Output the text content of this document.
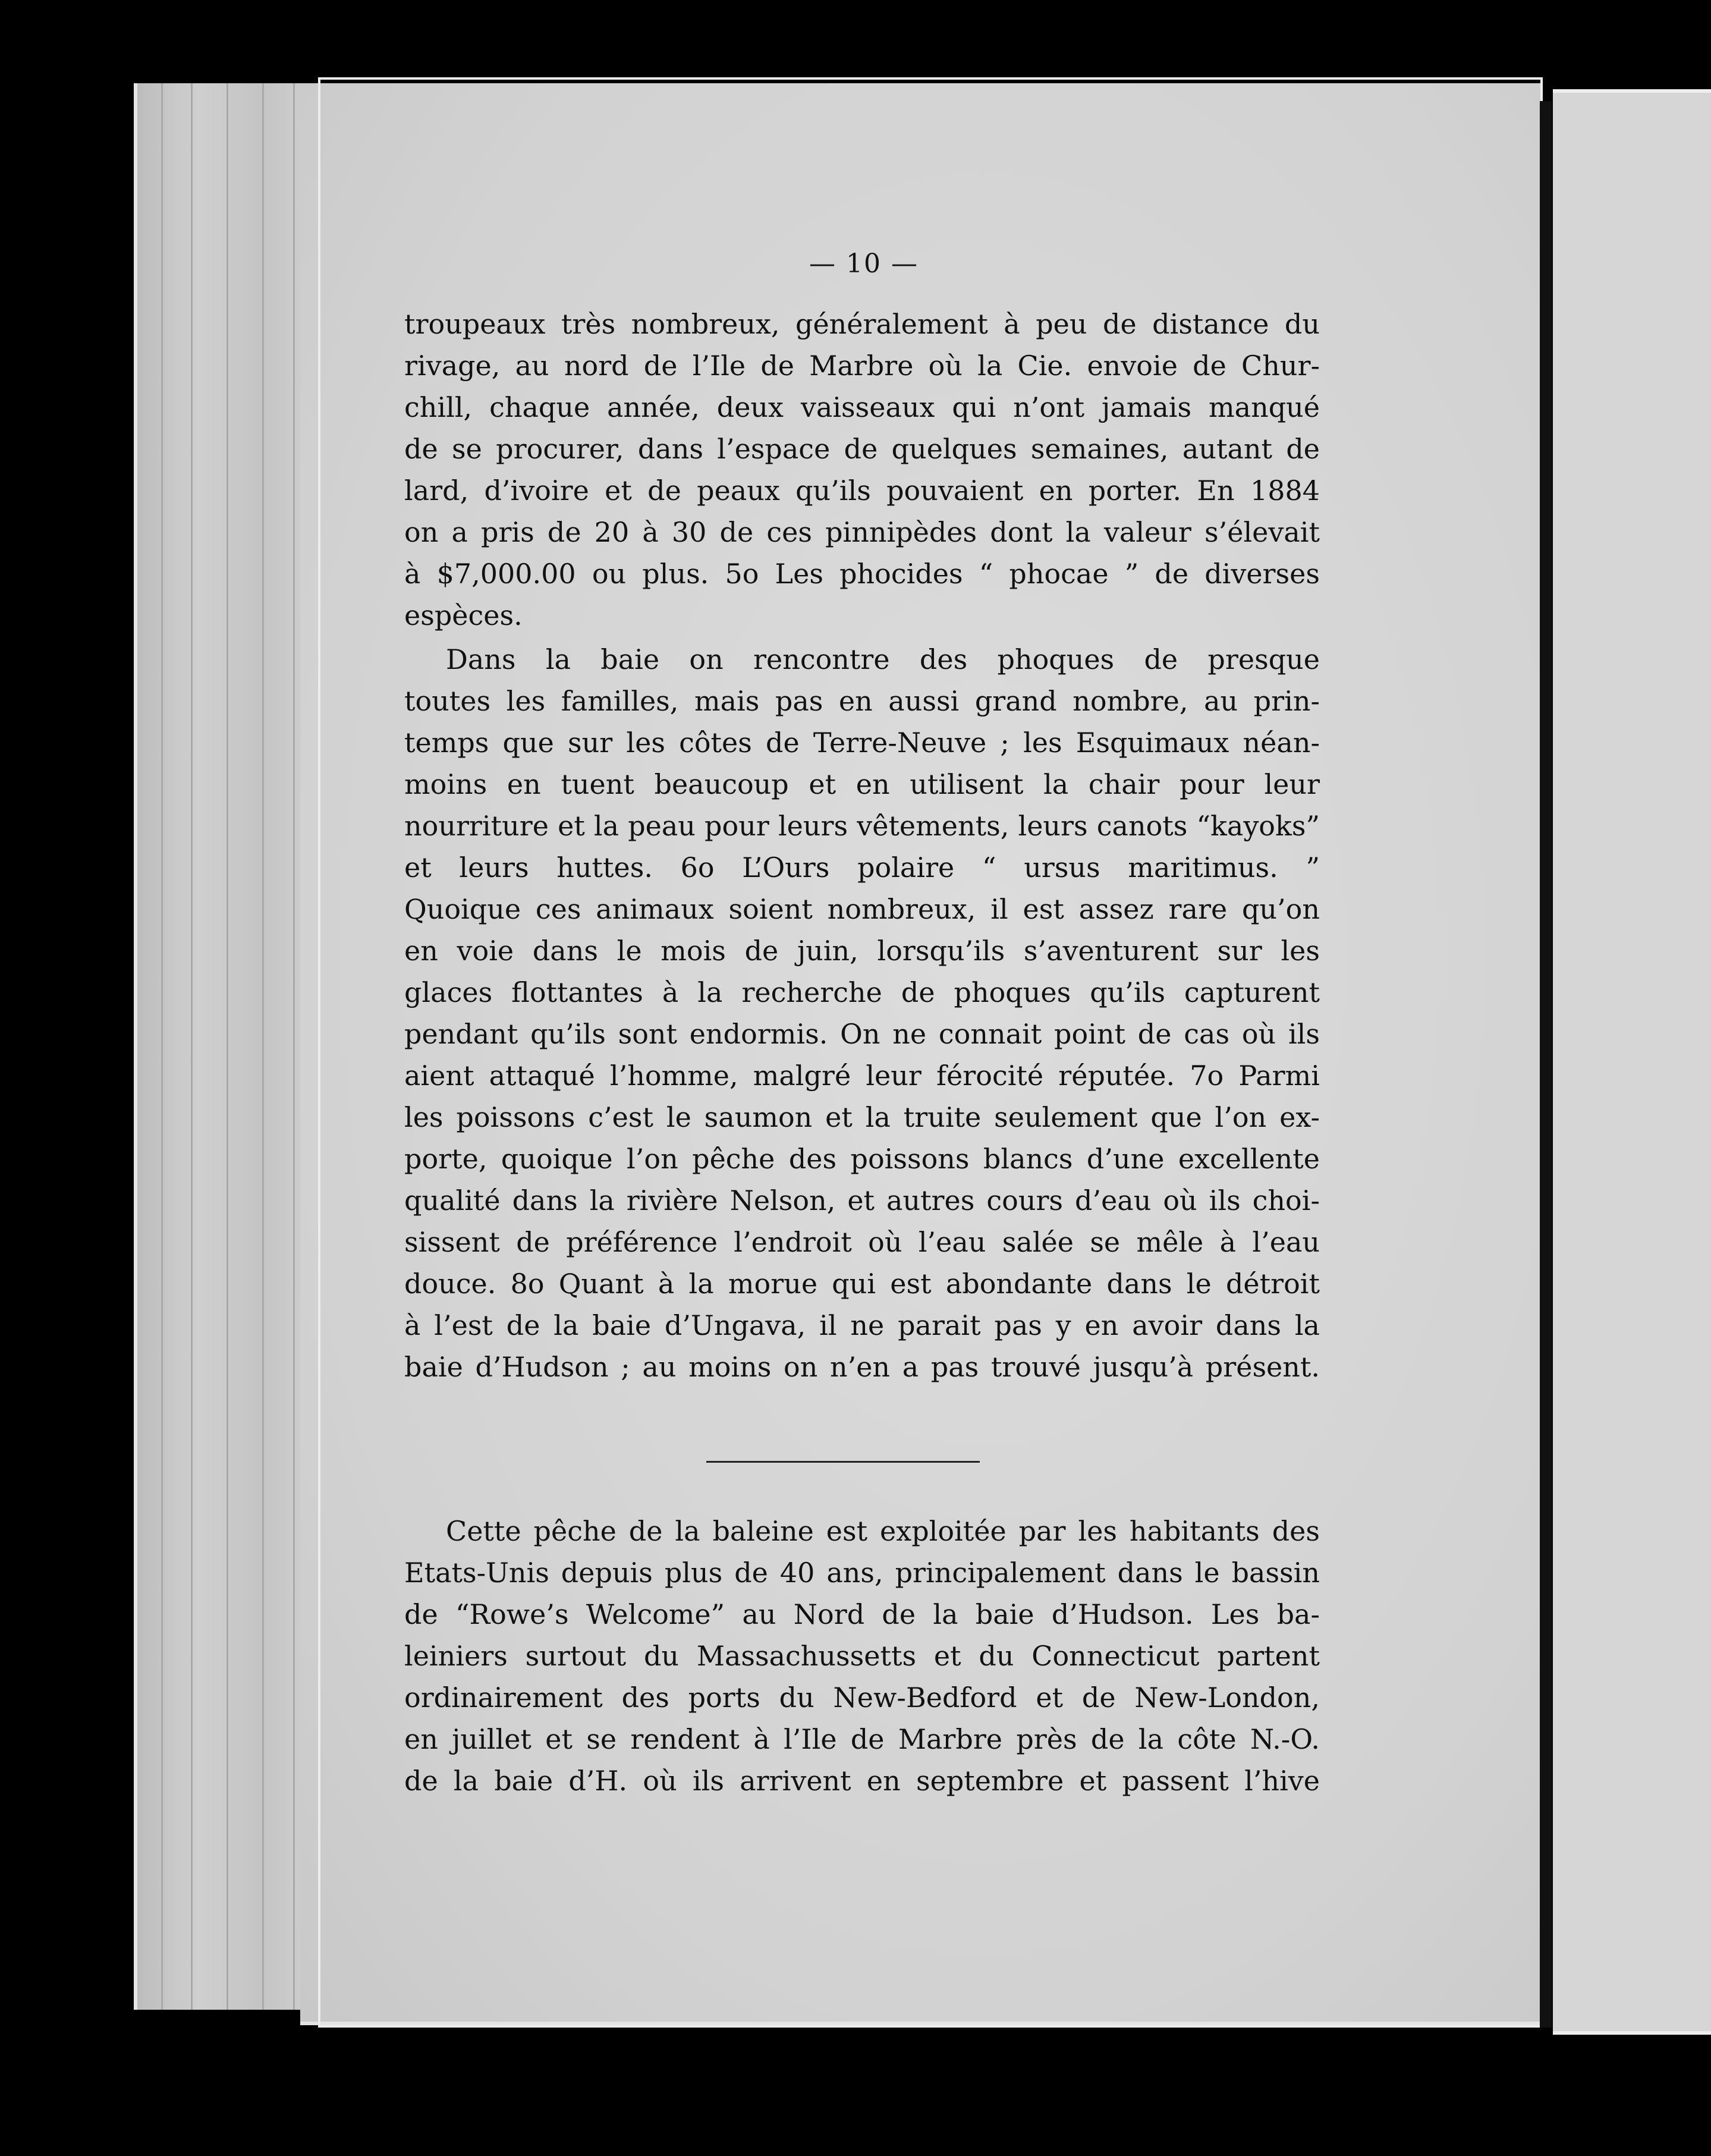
— 10 —
troupeaux très nombreux, généralement à peu de distance du
rivage, au nord de l’Ile de Marbre où la Cie. envoie de Chur-
chill, chaque année, deux vaisseaux qui n’ont jamais manqué
de se procurer, dans l’espace de quelques semaines, autant de
lard, d’ivoire et de peaux qu’ils pouvaient en porter. En 1884
on a pris de 20 à 30 de ces pinnipèdes dont la valeur s’élevait
à $7,000.00 ou plus. 5o Les phocides “ phocae ” de diverses
espèces.
Dans la baie on rencontre des phoques de presque
toutes les familles, mais pas en aussi grand nombre, au prin-
temps que sur les côtes de Terre-Neuve ; les Esquimaux néan-
moins en tuent beaucoup et en utilisent la chair pour leur
nourriture et la peau pour leurs vêtements, leurs canots “kayoks”
et leurs huttes. 6o L’Ours polaire “ ursus maritimus. ”
Quoique ces animaux soient nombreux, il est assez rare qu’on
en voie dans le mois de juin, lorsqu’ils s’aventurent sur les
glaces flottantes à la recherche de phoques qu’ils capturent
pendant qu’ils sont endormis. On ne connait point de cas où ils
aient attaqué l’homme, malgré leur férocité réputée. 7o Parmi
les poissons c’est le saumon et la truite seulement que l’on ex-
porte, quoique l’on pêche des poissons blancs d’une excellente
qualité dans la rivière Nelson, et autres cours d’eau où ils choi-
sissent de préférence l’endroit où l’eau salée se mêle à l’eau
douce. 8o Quant à la morue qui est abondante dans le détroit
à l’est de la baie d’Ungava, il ne parait pas y en avoir dans la
baie d’Hudson ; au moins on n’en a pas trouvé jusqu’à présent.
Cette pêche de la baleine est exploitée par les habitants des
Etats-Unis depuis plus de 40 ans, principalement dans le bassin
de “Rowe’s Welcome” au Nord de la baie d’Hudson. Les ba-
leiniers surtout du Massachussetts et du Connecticut partent
ordinairement des ports du New-Bedford et de New-London,
en juillet et se rendent à l’Ile de Marbre près de la côte N.-O.
de la baie d’H. où ils arrivent en septembre et passent l’hive
